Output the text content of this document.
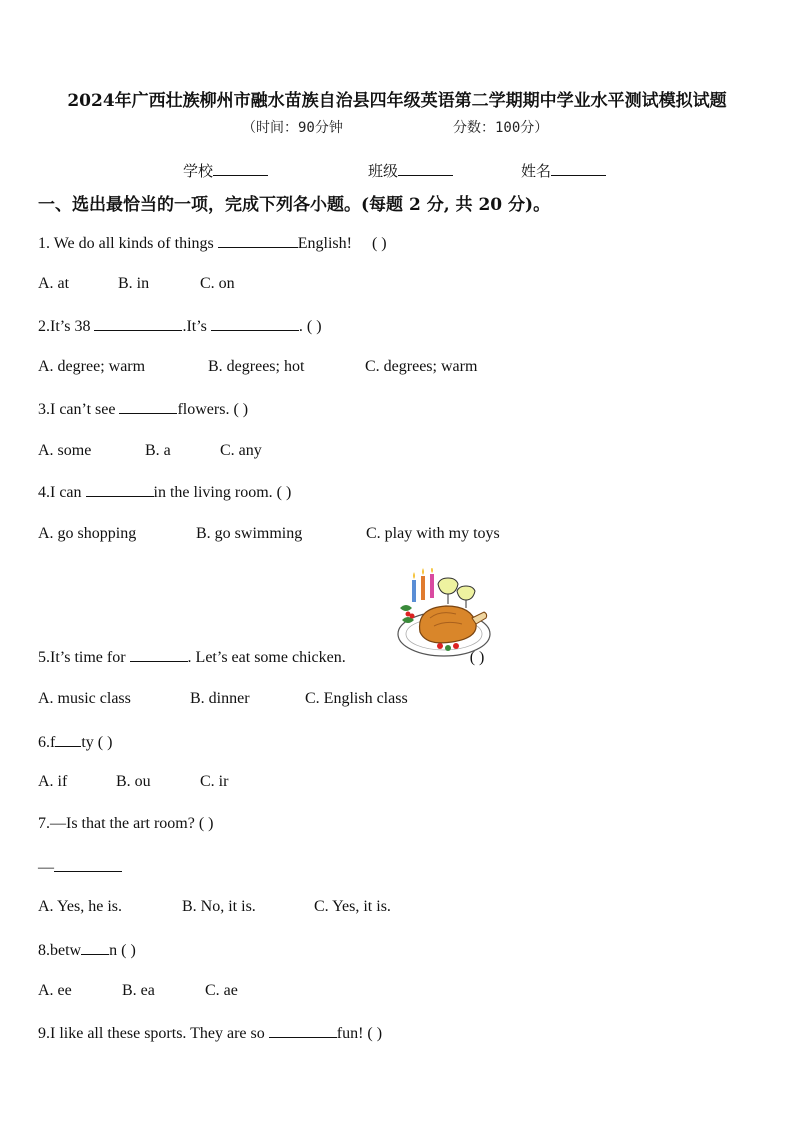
2024年广西壮族柳州市融水苗族自治县四年级英语第二学期期中学业水平测试模拟试题
（时间：90分钟	分数：100分）
学校	班级	姓名
一、选出最恰当的一项，完成下列各小题。(每题 2 分, 共 20 分)。
1. We do all kinds of things	English! ( )
A. at	B. in	C. on
2.It’s 38	.It’s	. ( )
A. degree; warm	B. degrees; hot	C. degrees; warm
3.I can’t see	flowers. ( )
A. some	B. a	C. any
4.I can	in the living room. ( )
A. go shopping	B. go swimming	C. play with my toys
5.It’s time for	. Let’s eat some chicken.	( )
A. music class	B. dinner	C. English class
6.f ty ( )
A. if	B. ou	C. ir
7.—Is that the art room? ( )
—
A. Yes, he is.	B. No, it is.	C. Yes, it is.
8.betw n ( )
A. ee	B. ea	C. ae
9.I like all these sports. They are so	fun! ( )
